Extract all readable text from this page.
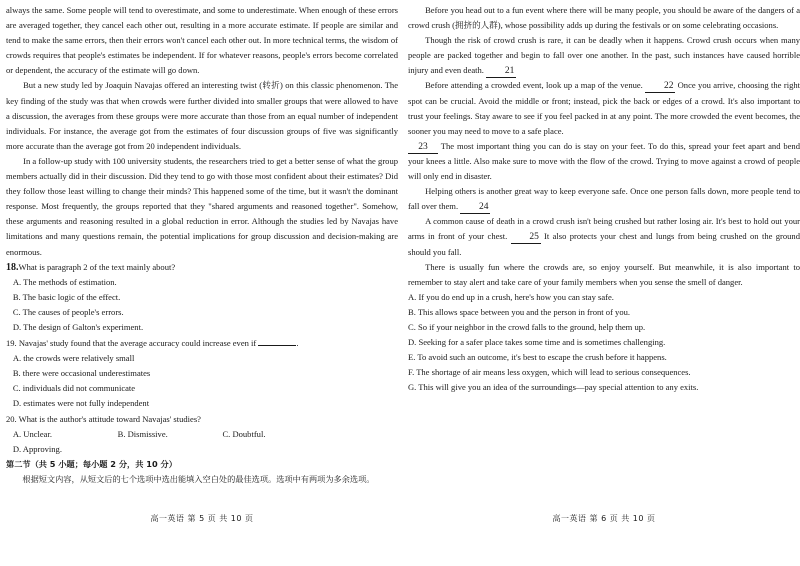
always the same. Some people will tend to overestimate, and some to underestimate. When enough of these errors are averaged together, they cancel each other out, resulting in a more accurate estimate. If people are similar and tend to make the same errors, then their errors won't cancel each other out. In more technical terms, the wisdom of crowds requires that people's estimates be independent. If for whatever reasons, people's errors become correlated or dependent, the accuracy of the estimate will go down.

But a new study led by Joaquin Navajas offered an interesting twist (转折) on this classic phenomenon. The key finding of the study was that when crowds were further divided into smaller groups that were allowed to have a discussion, the averages from these groups were more accurate than those from an equal number of independent individuals. For instance, the average got from the estimates of four discussion groups of five was significantly more accurate than the average got from 20 independent individuals.

In a follow-up study with 100 university students, the researchers tried to get a better sense of what the group members actually did in their discussion. Did they tend to go with those most confident about their estimates? Did they follow those least willing to change their minds? This happened some of the time, but it wasn't the dominant response. Most frequently, the groups reported that they "shared arguments and reasoned together". Somehow, these arguments and reasoning resulted in a global reduction in error. Although the studies led by Navajas have limitations and many questions remain, the potential implications for group discussion and decision-making are enormous.

18.What is paragraph 2 of the text mainly about?

A. The methods of estimation.
B. The basic logic of the effect.
C. The causes of people's errors.
D. The design of Galton's experiment.

19. Navajas' study found that the average accuracy could increase even if	.

A. the crowds were relatively small
B. there were occasional underestimates
C. individuals did not communicate
D. estimates were not fully independent

20. What is the author's attitude toward Navajas' studies?

A. Unclear.	B. Dismissive.	C. Doubtful.
D. Approving.

第二节（共 5 小题；每小题 2 分，共 10 分）

根据短文内容，从短文后的七个选项中选出能填入空白处的最佳选项。选项中有两项为多余选项。

高一英语 第 5 页 共 10 页

Before you head out to a fun event where there will be many people, you should be aware of the dangers of a crowd crush (拥挤的人群), whose possibility adds up during the festivals or on some celebrating occasions.

Though the risk of crowd crush is rare, it can be deadly when it happens. Crowd crush occurs when many people are packed together and begin to fall over one another. In the past, such instances have caused horrible injury and even death. 21

Before attending a crowded event, look up a map of the venue. 22 Once you arrive, choosing the right spot can be crucial. Avoid the middle or front; instead, pick the back or edges of a crowd. It's also important to trust your feelings. Stay aware to see if you feel packed in at any point. The more crowded the event becomes, the sooner you may need to move to a safe place.

23 The most important thing you can do is stay on your feet. To do this, spread your feet apart and bend your knees a little. Also make sure to move with the flow of the crowd. Trying to move against a crowd of people will only end in disaster.

Helping others is another great way to keep everyone safe. Once one person falls down, more people tend to fall over them. 24

A common cause of death in a crowd crush isn't being crushed but rather losing air. It's best to hold out your arms in front of your chest. 25 It also protects your chest and lungs from being crushed on the ground should you fall.

There is usually fun where the crowds are, so enjoy yourself. But meanwhile, it is also important to remember to stay alert and take care of your family members when you sense the smell of danger.

A. If you do end up in a crush, here's how you can stay safe.

B. This allows space between you and the person in front of you.

C. So if your neighbor in the crowd falls to the ground, help them up.

D. Seeking for a safer place takes some time and is sometimes challenging.

E. To avoid such an outcome, it's best to escape the crush before it happens.

F. The shortage of air means less oxygen, which will lead to serious consequences.

G. This will give you an idea of the surroundings—pay special attention to any exits.

高一英语 第 6 页 共 10 页
